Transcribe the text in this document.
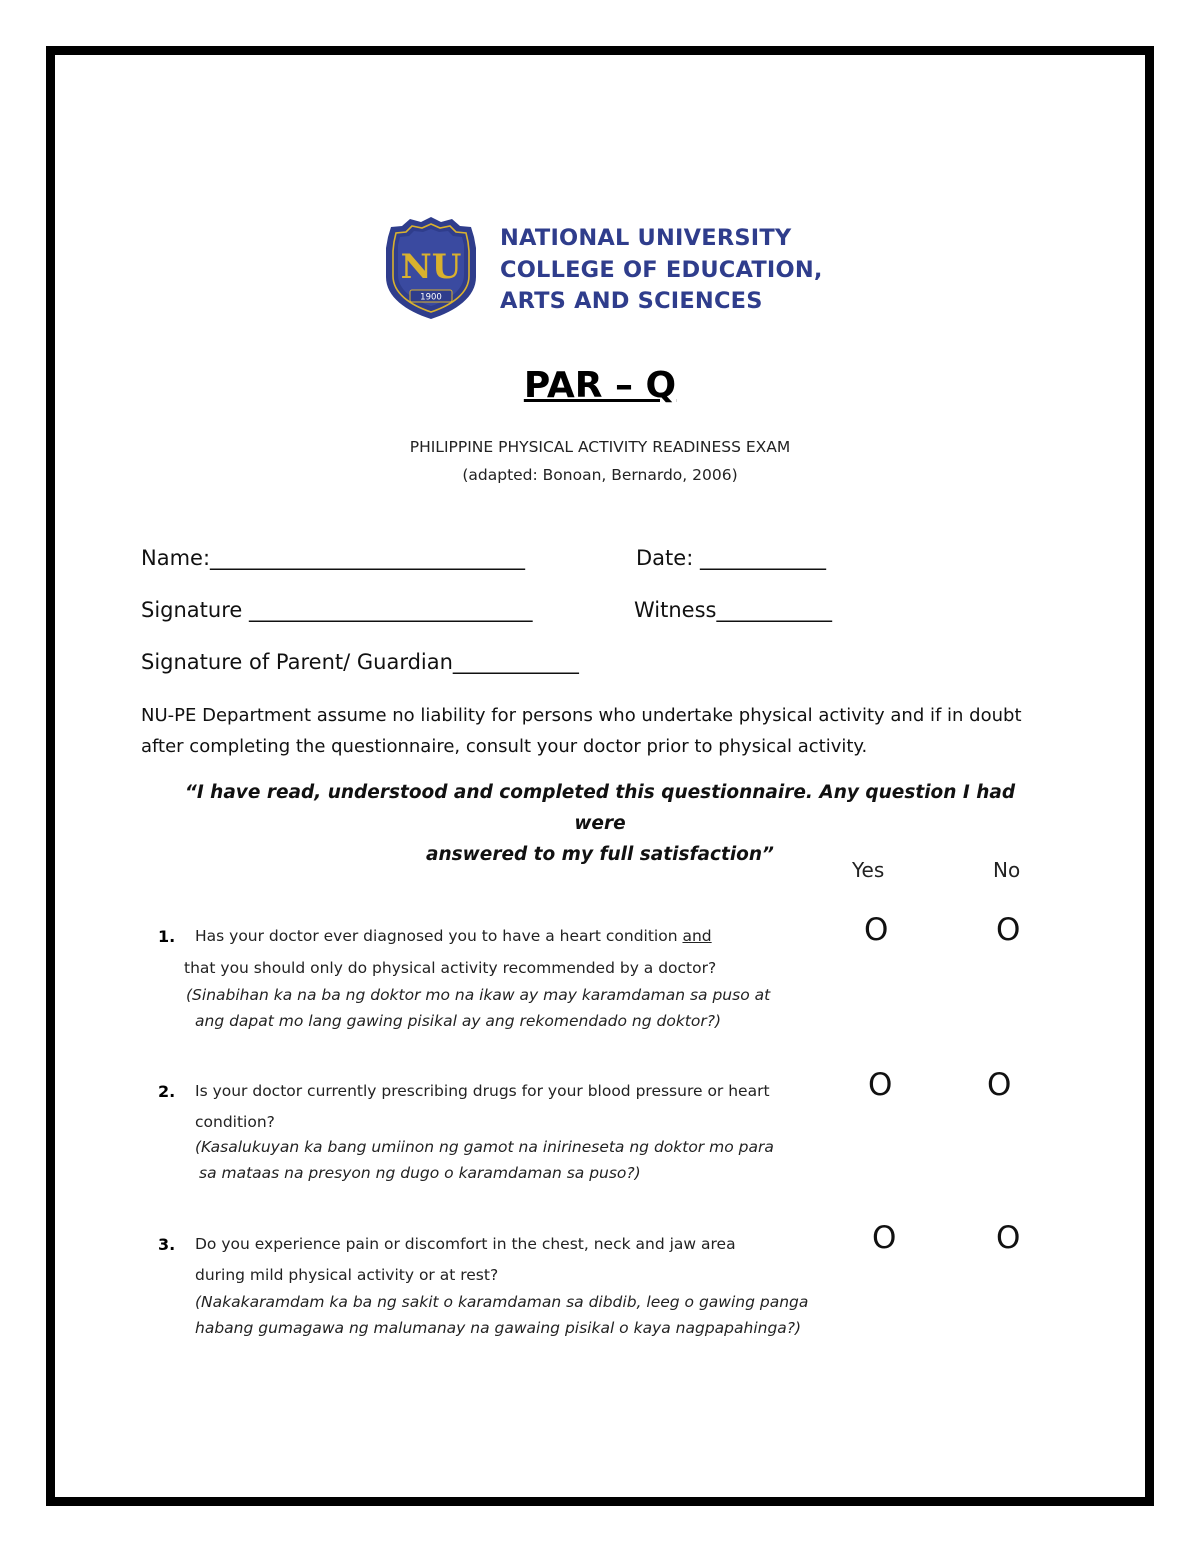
NU
1900
NATIONAL UNIVERSITY
COLLEGE OF EDUCATION,
ARTS AND SCIENCES
PAR – Q
PHILIPPINE PHYSICAL ACTIVITY READINESS EXAM
(adapted: Bonoan, Bernardo, 2006)
Name:______________________________	Date: ____________
Signature ___________________________	Witness___________
Signature of Parent/ Guardian____________
NU-PE Department assume no liability for persons who undertake physical activity and if in doubt after completing the questionnaire, consult your doctor prior to physical activity.
“I have read, understood and completed this questionnaire. Any question I had were
answered to my full satisfaction”
Yes	No
1. Has your doctor ever diagnosed you to have a heart condition and
that you should only do physical activity recommended by a doctor?
(Sinabihan ka na ba ng doktor mo na ikaw ay may karamdaman sa puso at
ang dapat mo lang gawing pisikal ay ang rekomendado ng doktor?)
O	O
2. Is your doctor currently prescribing drugs for your blood pressure or heart
condition?
(Kasalukuyan ka bang umiinon ng gamot na inirineseta ng doktor mo para
sa mataas na presyon ng dugo o karamdaman sa puso?)
O	O
3. Do you experience pain or discomfort in the chest, neck and jaw area
during mild physical activity or at rest?
(Nakakaramdam ka ba ng sakit o karamdaman sa dibdib, leeg o gawing panga
habang gumagawa ng malumanay na gawaing pisikal o kaya nagpapahinga?)
O	O
